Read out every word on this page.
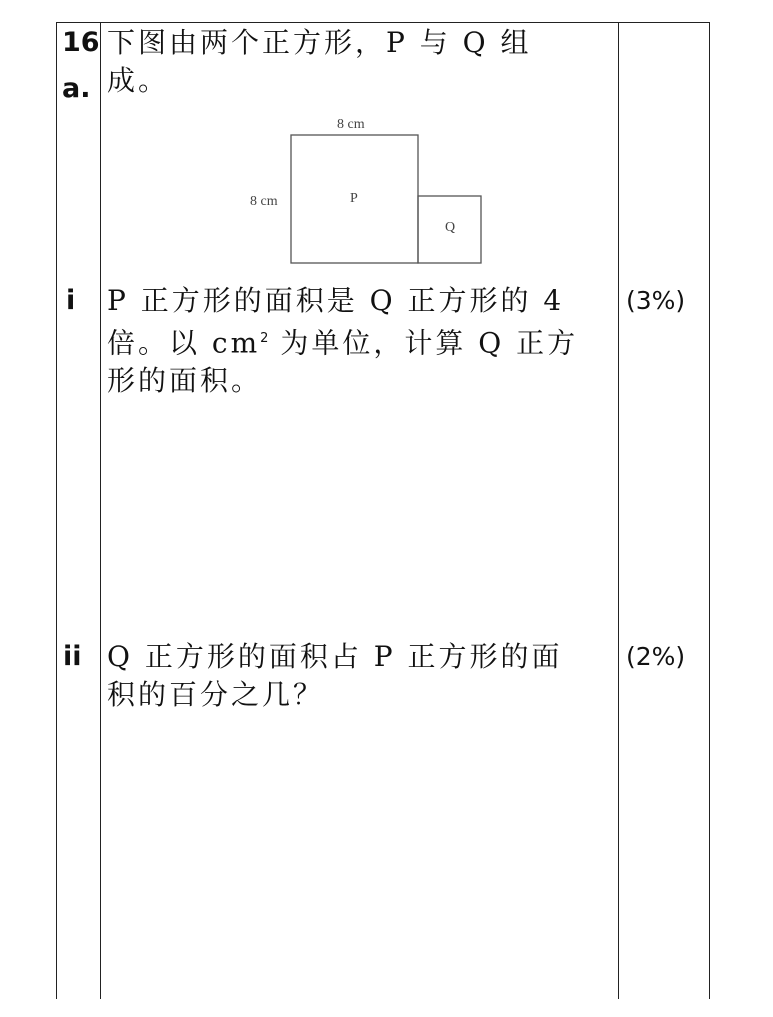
16
a.
下图由两个正方形，P 与 Q 组
成。
8 cm
8 cm	P
Q
i P 正方形的面积是 Q 正方形的 4
倍。以 $cm^2$ 为单位，计算 Q 正方
形的面积。
(3%)
ii Q 正方形的面积占 P 正方形的面
积的百分之几？
(2%)
